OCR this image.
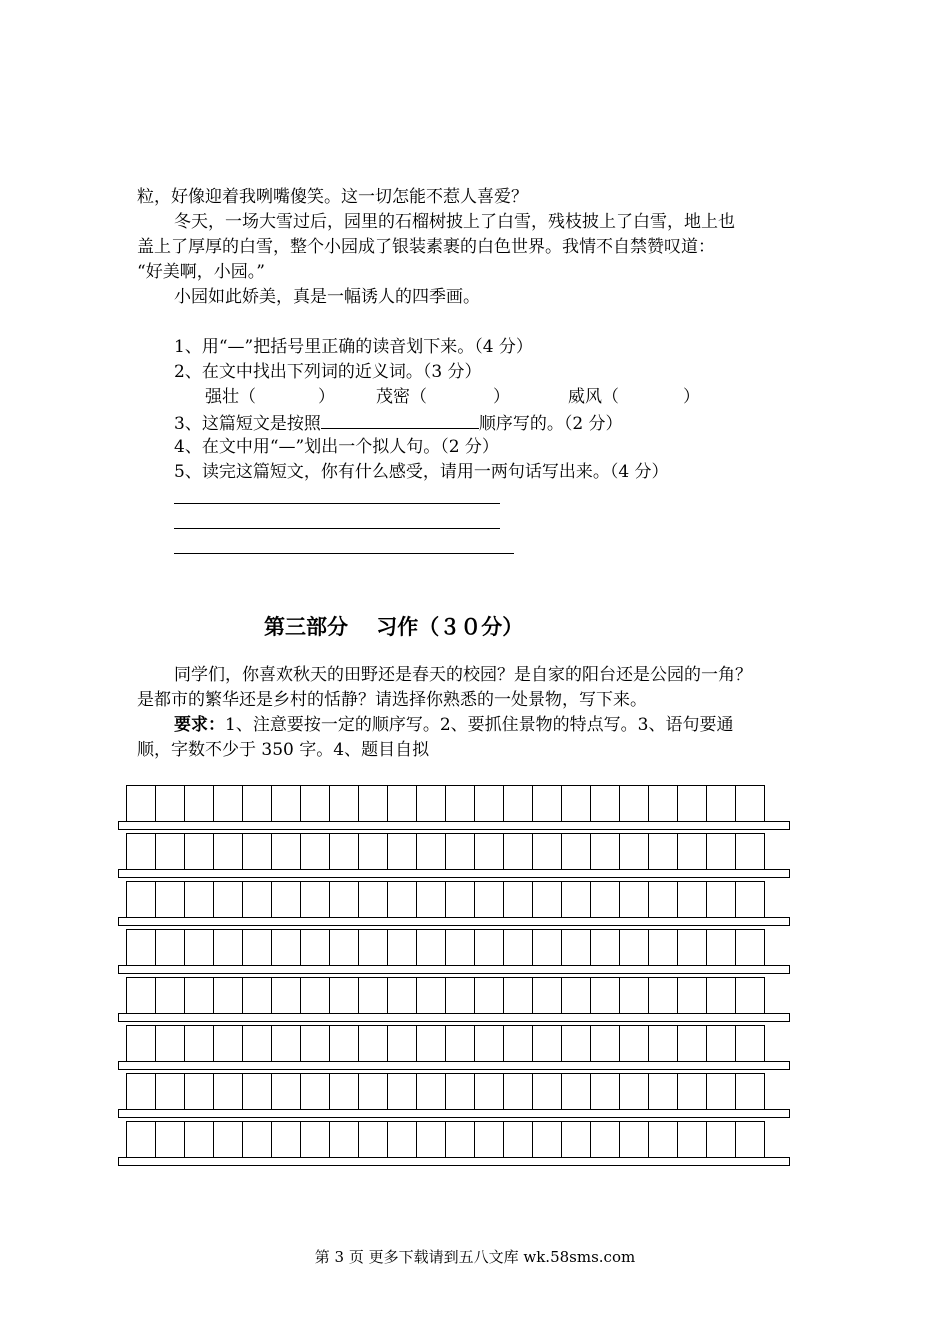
粒，好像迎着我咧嘴傻笑。这一切怎能不惹人喜爱？
冬天，一场大雪过后，园里的石榴树披上了白雪，残枝披上了白雪，地上也
盖上了厚厚的白雪，整个小园成了银装素裹的白色世界。我情不自禁赞叹道：
“好美啊，小园。”
小园如此娇美，真是一幅诱人的四季画。
1、用“—”把括号里正确的读音划下来。（4 分）
2、在文中找出下列词的近义词。（3 分）
强壮（	） 茂密（	）	威风（	）
3、这篇短文是按照	顺序写的。（2 分）
4、在文中用“—”划出一个拟人句。（2 分）
5、读完这篇短文，你有什么感受，请用一两句话写出来。（4 分）
第三部分　 习作（３０分）
同学们，你喜欢秋天的田野还是春天的校园？是自家的阳台还是公园的一角？
是都市的繁华还是乡村的恬静？请选择你熟悉的一处景物，写下来。
要求：1、注意要按一定的顺序写。2、要抓住景物的特点写。3、语句要通
顺，字数不少于 350 字。4、题目自拟
第 3 页 更多下载请到五八文库 wk.58sms.com
